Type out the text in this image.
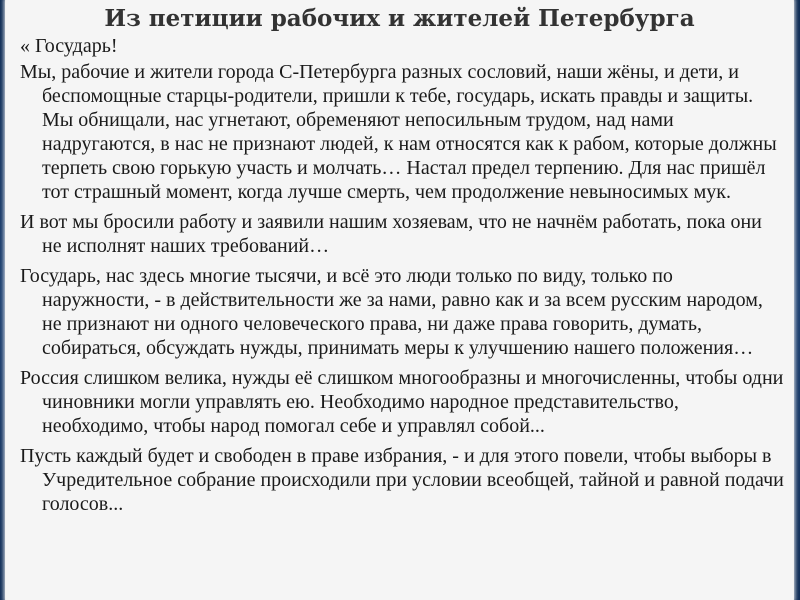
Из петиции рабочих и жителей Петербурга

« Государь!

Мы, рабочие и жители города С-Петербурга разных сословий, наши жёны, и дети, и беспомощные старцы-родители, пришли к тебе, государь, искать правды и защиты. Мы обнищали, нас угнетают, обременяют непосильным трудом, над нами надругаются, в нас не признают людей, к нам относятся как к рабом, которые должны терпеть свою горькую участь и молчать… Настал предел терпению. Для нас пришёл тот страшный момент, когда лучше смерть, чем продолжение невыносимых мук.

И вот мы бросили работу и заявили нашим хозяевам, что не начнём работать, пока они не исполнят наших требований…

Государь, нас здесь многие тысячи, и всё это люди только по виду, только по наружности, - в действительности же за нами, равно как и за всем русским народом, не признают ни одного человеческого права, ни даже права говорить, думать, собираться, обсуждать нужды, принимать меры к улучшению нашего положения…

Россия слишком велика, нужды её слишком многообразны и многочисленны, чтобы одни чиновники могли управлять ею. Необходимо народное представительство, необходимо, чтобы народ помогал себе и управлял собой...

Пусть каждый будет и свободен в праве избрания, - и для этого повели, чтобы выборы в Учредительное собрание происходили при условии всеобщей, тайной и равной подачи голосов...
